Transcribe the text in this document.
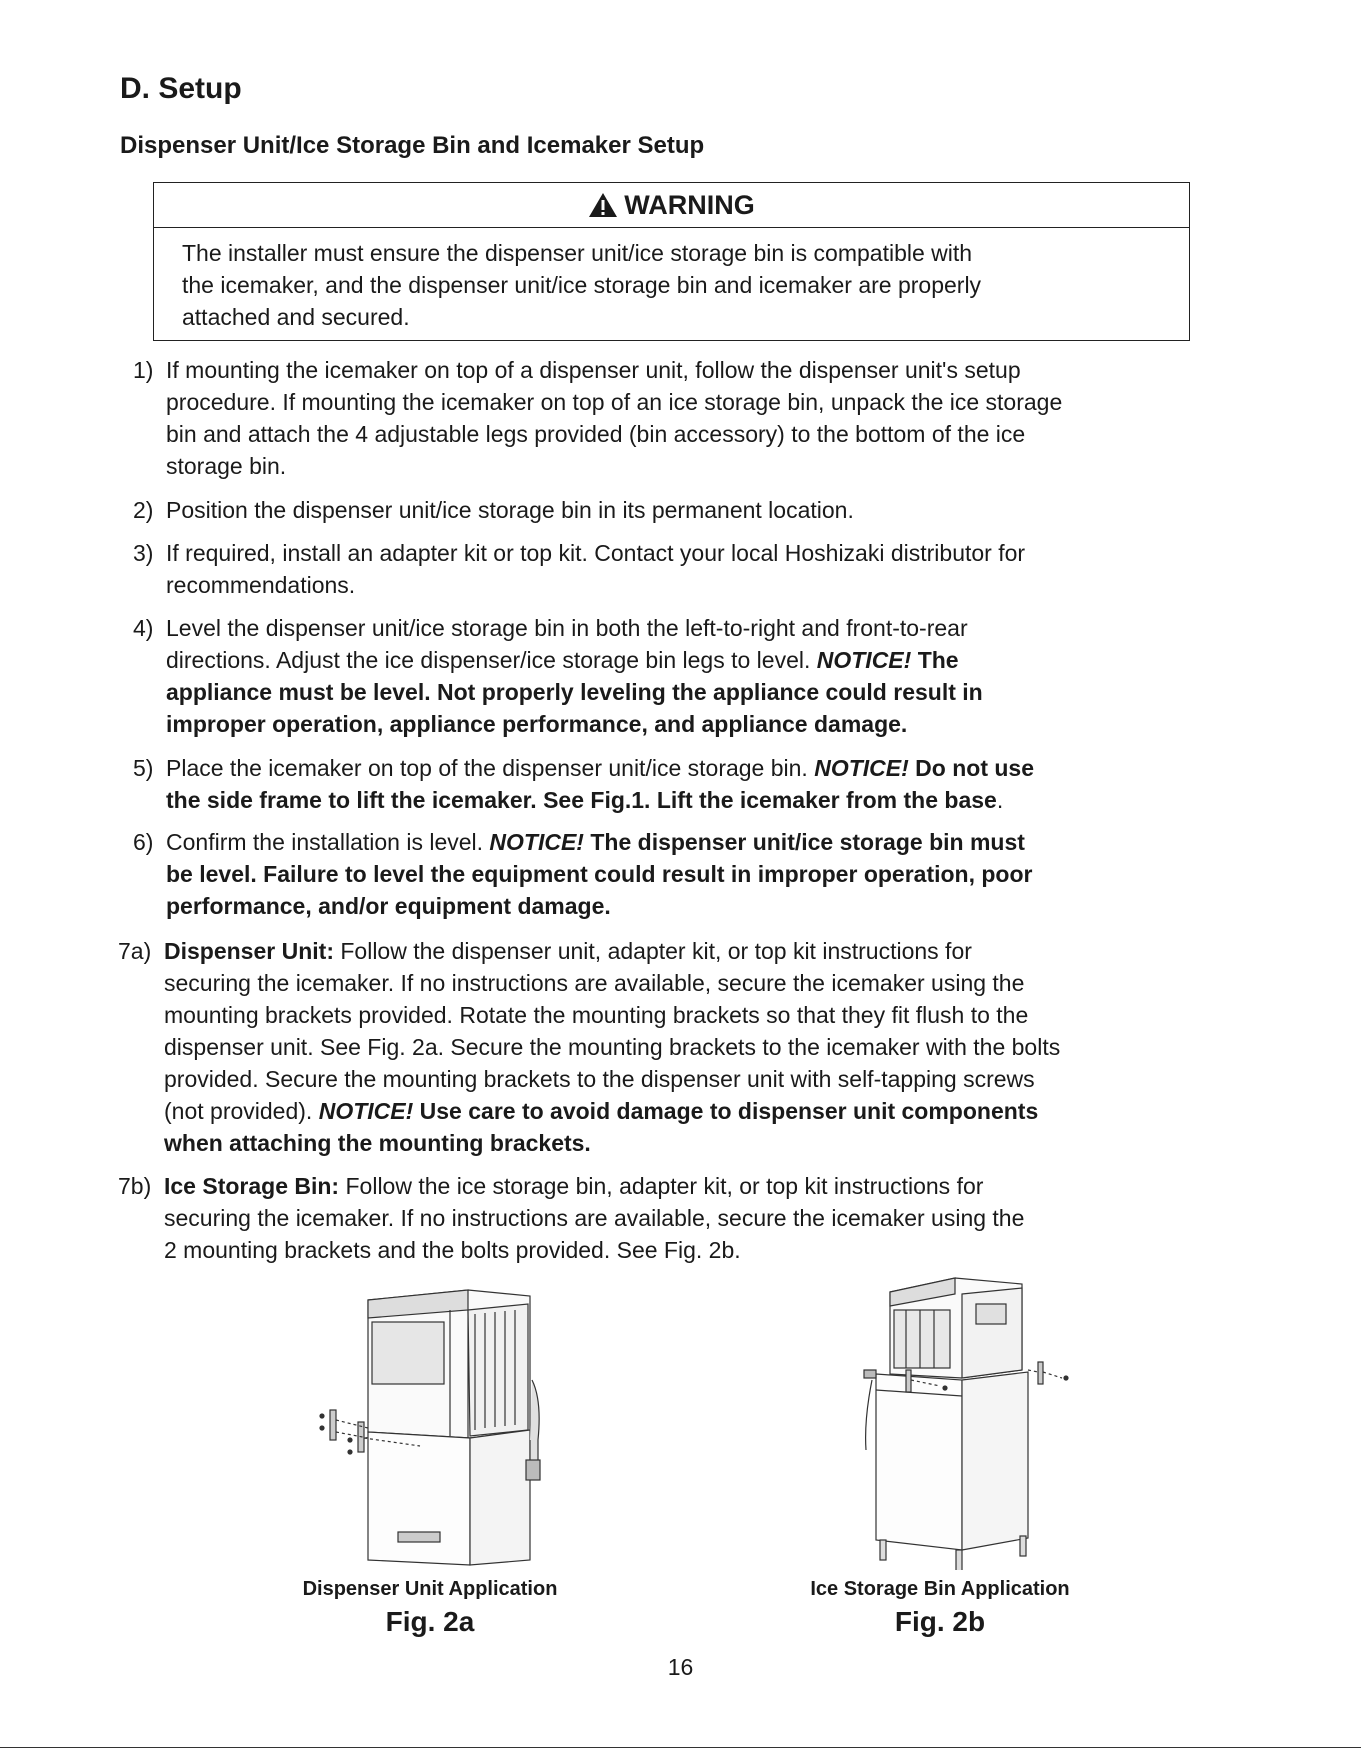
D. Setup
Dispenser Unit/Ice Storage Bin and Icemaker Setup
WARNING
The installer must ensure the dispenser unit/ice storage bin is compatible with
the icemaker, and the dispenser unit/ice storage bin and icemaker are properly
attached and secured.
1) If mounting the icemaker on top of a dispenser unit, follow the dispenser unit's setup
procedure. If mounting the icemaker on top of an ice storage bin, unpack the ice storage
bin and attach the 4 adjustable legs provided (bin accessory) to the bottom of the ice
storage bin.
2) Position the dispenser unit/ice storage bin in its permanent location.
3) If required, install an adapter kit or top kit. Contact your local Hoshizaki distributor for
recommendations.
4) Level the dispenser unit/ice storage bin in both the left-to-right and front-to-rear
directions. Adjust the ice dispenser/ice storage bin legs to level. NOTICE! The
appliance must be level. Not properly leveling the appliance could result in
improper operation, appliance performance, and appliance damage.
5) Place the icemaker on top of the dispenser unit/ice storage bin. NOTICE! Do not use
the side frame to lift the icemaker. See Fig.1. Lift the icemaker from the base.
6) Confirm the installation is level. NOTICE! The dispenser unit/ice storage bin must
be level. Failure to level the equipment could result in improper operation, poor
performance, and/or equipment damage.
7a) Dispenser Unit: Follow the dispenser unit, adapter kit, or top kit instructions for
securing the icemaker. If no instructions are available, secure the icemaker using the
mounting brackets provided. Rotate the mounting brackets so that they fit flush to the
dispenser unit. See Fig. 2a. Secure the mounting brackets to the icemaker with the bolts
provided. Secure the mounting brackets to the dispenser unit with self-tapping screws
(not provided). NOTICE! Use care to avoid damage to dispenser unit components
when attaching the mounting brackets.
7b) Ice Storage Bin: Follow the ice storage bin, adapter kit, or top kit instructions for
securing the icemaker. If no instructions are available, secure the icemaker using the
2 mounting brackets and the bolts provided. See Fig. 2b.
Dispenser Unit Application
Fig. 2a
Ice Storage Bin Application
Fig. 2b
16
